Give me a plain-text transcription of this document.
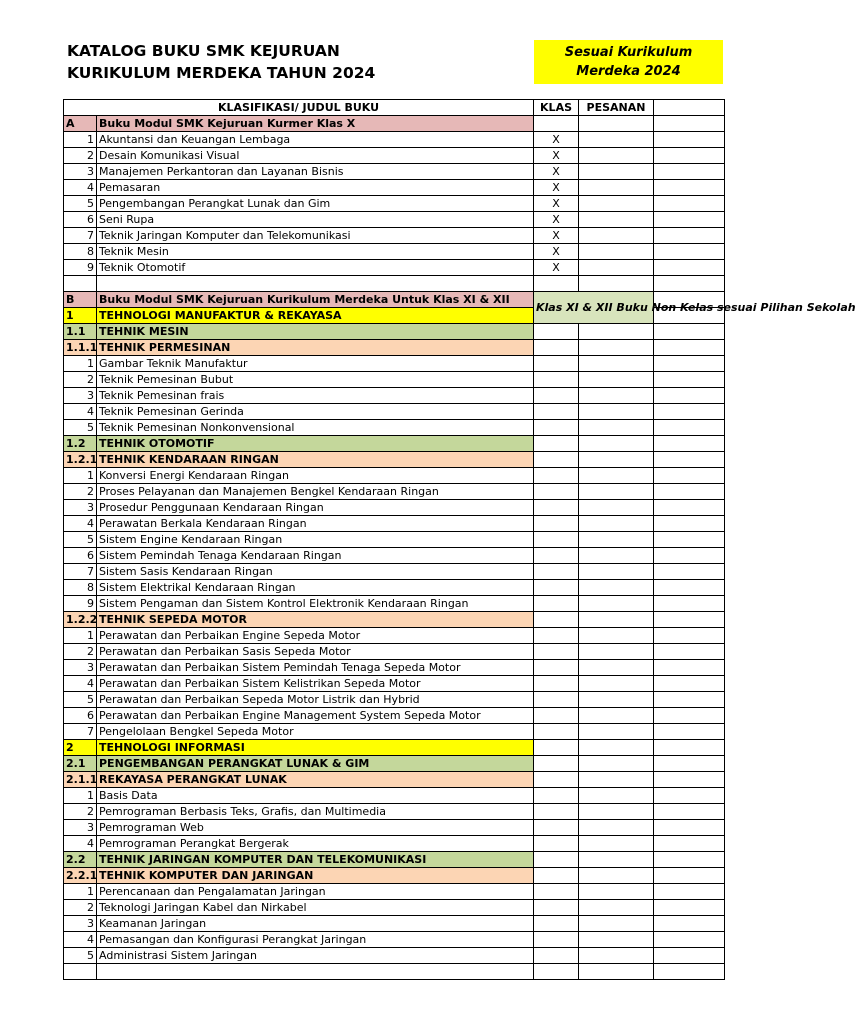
KATALOG BUKU SMK KEJURUAN
KURIKULUM MERDEKA TAHUN 2024
Sesuai Kurikulum
Merdeka 2024
KLASIFIKASI/ JUDUL BUKU		KLAS	PESANAN	
A	Buku Modul SMK Kejuruan Kurmer Klas X			
1	Akuntansi dan Keuangan Lembaga	X		
2	Desain Komunikasi Visual	X		
3	Manajemen Perkantoran dan Layanan Bisnis	X		
4	Pemasaran	X		
5	Pengembangan Perangkat Lunak dan Gim	X		
6	Seni Rupa	X		
7	Teknik Jaringan Komputer dan Telekomunikasi	X		
8	Teknik Mesin	X		
9	Teknik Otomotif	X		

B	Buku Modul SMK Kejuruan Kurikulum Merdeka Untuk Klas XI & XII	Klas XI & XII Buku Non Kelas sesuai Pilihan Sekolah		
1	TEHNOLOGI MANUFAKTUR & REKAYASA			
1.1	TEHNIK MESIN			
1.1.1	TEHNIK PERMESINAN			
1	Gambar Teknik Manufaktur			
2	Teknik Pemesinan Bubut			
3	Teknik Pemesinan frais			
4	Teknik Pemesinan Gerinda			
5	Teknik Pemesinan Nonkonvensional			
1.2	TEHNIK OTOMOTIF			
1.2.1	TEHNIK KENDARAAN RINGAN			
1	Konversi Energi Kendaraan Ringan			
2	Proses Pelayanan dan Manajemen Bengkel Kendaraan Ringan			
3	Prosedur Penggunaan Kendaraan Ringan			
4	Perawatan Berkala Kendaraan Ringan			
5	Sistem Engine Kendaraan Ringan			
6	Sistem Pemindah Tenaga Kendaraan Ringan			
7	Sistem Sasis Kendaraan Ringan			
8	Sistem Elektrikal Kendaraan Ringan			
9	Sistem Pengaman dan Sistem Kontrol Elektronik Kendaraan Ringan			
1.2.2	TEHNIK SEPEDA MOTOR			
1	Perawatan dan Perbaikan Engine Sepeda Motor			
2	Perawatan dan Perbaikan Sasis Sepeda Motor			
3	Perawatan dan Perbaikan Sistem Pemindah Tenaga Sepeda Motor			
4	Perawatan dan Perbaikan Sistem Kelistrikan Sepeda Motor			
5	Perawatan dan Perbaikan Sepeda Motor Listrik dan Hybrid			
6	Perawatan dan Perbaikan Engine Management System Sepeda Motor			
7	Pengelolaan Bengkel Sepeda Motor			
2	TEHNOLOGI INFORMASI			
2.1	PENGEMBANGAN PERANGKAT LUNAK & GIM			
2.1.1	REKAYASA PERANGKAT LUNAK			
1	Basis Data			
2	Pemrograman Berbasis Teks, Grafis, dan Multimedia			
3	Pemrograman Web			
4	Pemrograman Perangkat Bergerak			
2.2	TEHNIK JARINGAN KOMPUTER DAN TELEKOMUNIKASI			
2.2.1	TEHNIK KOMPUTER DAN JARINGAN			
1	Perencanaan dan Pengalamatan Jaringan			
2	Teknologi Jaringan Kabel dan Nirkabel			
3	Keamanan Jaringan			
4	Pemasangan dan Konfigurasi Perangkat Jaringan			
5	Administrasi Sistem Jaringan			
